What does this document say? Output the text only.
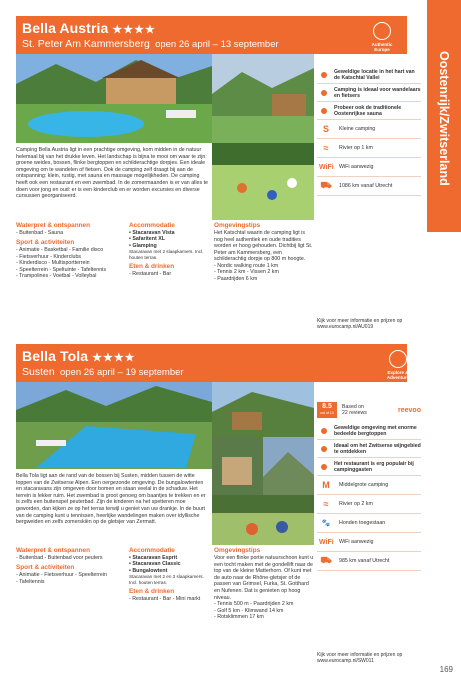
Oostenrijk/Zwitserland
Bella Austria ★★★★
St. Peter Am Kammersberg open 26 april – 13 september	Authentic
Europe
Camping Bella Austria ligt in een prachtige omgeving, kom midden in de natuur helemaal bij van het drukke leven. Het landschap is bijna te mooi om waar te zijn: groene weides, bossen, flinke bergtoppen en schilderachtige dorpjes. Een ideale omgeving om te wandelen of fietsen. Ook de camping zelf draagt bij aan de ontspanning: klein, rustig, met sauna en massage mogelijkheden. De camping heeft ook een restaurant en een zwembad. In de zomermaanden is er van alles te doen voor jong en oud: er is een kinderclub en er worden excursies en diverse cursussen georganiseerd.
Waterpret & ontspannen
- Buitenbad - Sauna
Sport & activiteiten
- Animatie - Basketbal - Familie disco
- Fietsverhuur - Kinderclubs
- Kinderdisco - Multisportterrein
- Speelterrein - Speltuinte - Tafeltennis
- Trampolines - Voetbal - Volleybal
Accommodatie
• Stacaravan Vista
• Safaritent XL
• Glamping
Stacaravan met 2 slaapkamers. Incl. houten terras.
Eten & drinken
- Restaurant - Bar
Omgevingstips
Het Katschtal waarin de camping ligt is nog heel authentiek en oude tradities worden er hoog gehouden. Dichtbij ligt St. Peter am Kammersberg, een schilderachtig dorpje op 800 m hoogte.
- Nordic walking route 1 km
- Tennis 2 km - Vissen 2 km
- Paardrijden 6 km
Geweldige locatie in het hart van de Katschtal Vallei
Camping is ideaal voor wandelaars en fietsers
Probeer ook de traditionele Oostenrijkse sauna
S	Kleine camping
≈	Rivier op 1 km
WiFi WiFi aanwezig
⛟ 1086 km vanaf Utrecht
Kijk voor meer informatie en prijzen op www.eurocamp.nl/AU019
Bella Tola ★★★★
Susten open 26 april – 19 september	Explore &
Adventure
Bella Tola ligt aan de rand van de bossen bij Susten, midden tussen de witte toppen van de Zwitserse Alpen. Een oergezonde omgeving. De bungalowtenten en stacaravans zijn omgeven door bomen en staan veelal in de schaduw. Het terrein is lekker ruim. Het zwembad is groot genoeg om baantjes te trekken en er is zelfs een buitenspel peuterbad. Zijn de kinderen na het spetteren moe geworden, dan kijken ze op het terras terwijl u geniet van uw drankje. In de buurt van de camping kunt u tennissen, heerlijke wandelingen maken over idyllische bergweiden en zelfs zomerskiën op de gletsjer van Zermatt.
Waterpret & ontspannen
- Buitenbad - Buitenbad voor peuters
Sport & activiteiten
- Animatie - Fietsverhuur - Speelterrein
- Tafeltennis
Accommodatie
• Stacaravan Esprit
• Stacaravan Classic
• Bungalowtent
Stacaravan met 2 en 3 slaapkamers. Incl. houten terras.
Eten & drinken
- Restaurant - Bar - Mini markt
Omgevingstips
Voor een flinke portie natuurschoon kunt u een tocht maken met de gondellift naar de top van de kleine Matterhorn. Of kunt met de auto naar de Rhône-gletsjer of de passen van Grimsel, Furka, St. Gotthard en Nufenen. Dat is genieten op hoog niveau.
- Tennis 500 m - Paardrijden 2 km
- Golf 5 km - Klimwand 14 km
- Rotsklimmen 17 km
8.5
out of 10
Based on
22 reviews	reevoo
Geweldige omgeving met enorme bedeelde bergtoppen
Ideaal om het Zwitserse wijngebied te ontdekken
Het restaurant is erg populair bij campinggasten
M	Middelgrote camping
≈	Rivier op 2 km
🐾	Honden toegestaan
WiFi WiFi aanwezig
⛟ 985 km vanaf Utrecht
Kijk voor meer informatie en prijzen op www.eurocamp.nl/SW011
169
